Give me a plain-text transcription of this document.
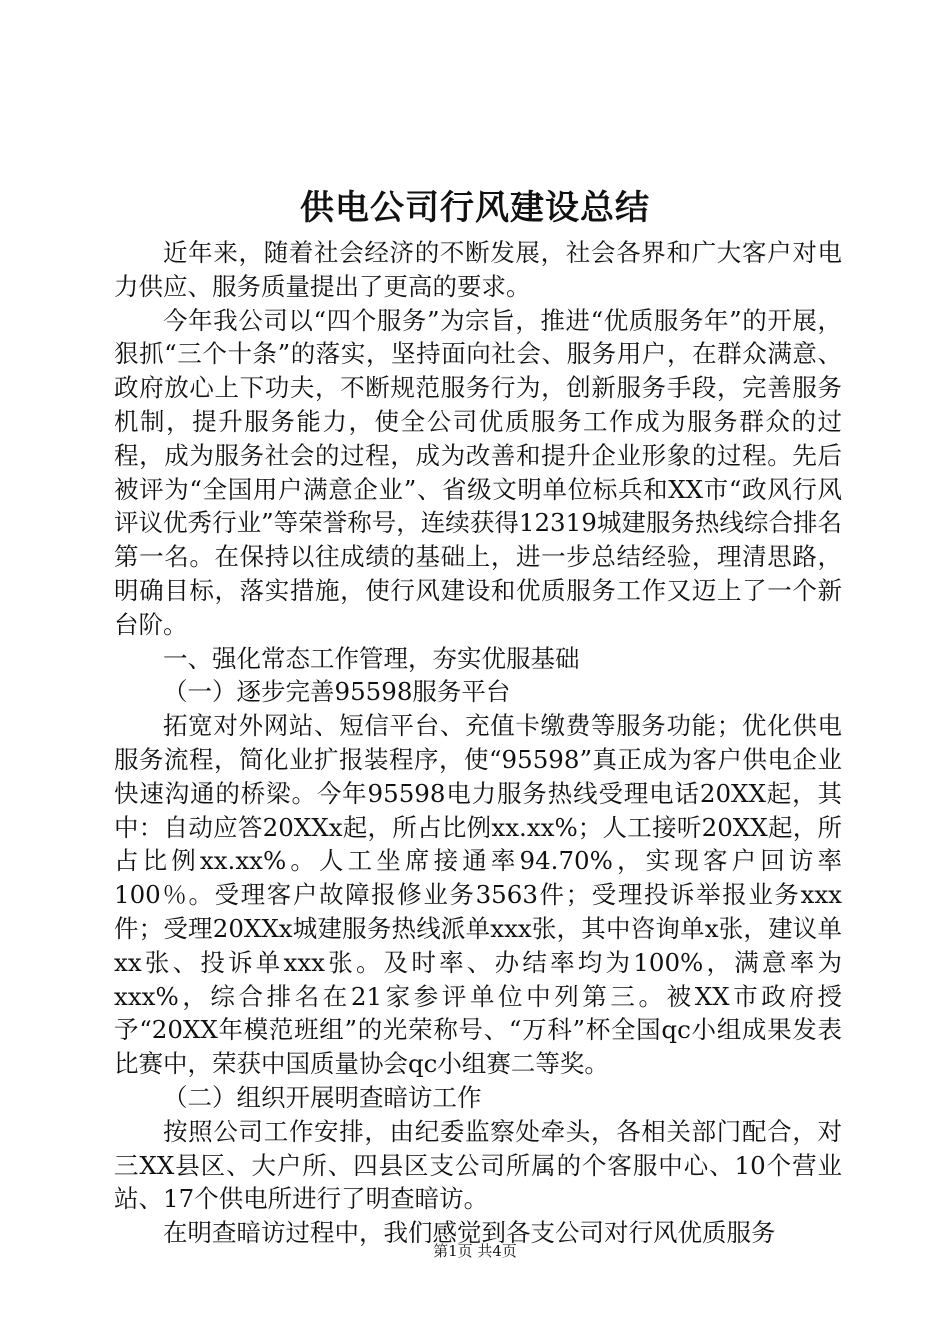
供电公司行风建设总结

近年来，随着社会经济的不断发展，社会各界和广大客户对电力供应、服务质量提出了更高的要求。

今年我公司以“四个服务”为宗旨，推进“优质服务年”的开展，狠抓“三个十条”的落实，坚持面向社会、服务用户，在群众满意、政府放心上下功夫，不断规范服务行为，创新服务手段，完善服务机制，提升服务能力，使全公司优质服务工作成为服务群众的过程，成为服务社会的过程，成为改善和提升企业形象的过程。先后被评为“全国用户满意企业”、省级文明单位标兵和XX市“政风行风评议优秀行业”等荣誉称号，连续获得12319城建服务热线综合排名第一名。在保持以往成绩的基础上，进一步总结经验，理清思路，明确目标，落实措施，使行风建设和优质服务工作又迈上了一个新台阶。

一、强化常态工作管理，夯实优服基础

（一）逐步完善95598服务平台

拓宽对外网站、短信平台、充值卡缴费等服务功能；优化供电服务流程，简化业扩报装程序，使“95598”真正成为客户供电企业快速沟通的桥梁。今年95598电力服务热线受理电话20XX起，其中：自动应答20XXx起，所占比例xx.xx%；人工接听20XX起，所占比例xx.xx%。人工坐席接通率94.70%，实现客户回访率100％。受理客户故障报修业务3563件；受理投诉举报业务xxx件；受理20XXx城建服务热线派单xxx张，其中咨询单x张，建议单xx张、投诉单xxx张。及时率、办结率均为100%，满意率为xxx%，综合排名在21家参评单位中列第三。被XX市政府授予“20XX年模范班组”的光荣称号、“万科”杯全国qc小组成果发表比赛中，荣获中国质量协会qc小组赛二等奖。

（二）组织开展明查暗访工作

按照公司工作安排，由纪委监察处牵头，各相关部门配合，对三XX县区、大户所、四县区支公司所属的个客服中心、10个营业站、17个供电所进行了明查暗访。

在明查暗访过程中，我们感觉到各支公司对行风优质服务

第1页 共4页
